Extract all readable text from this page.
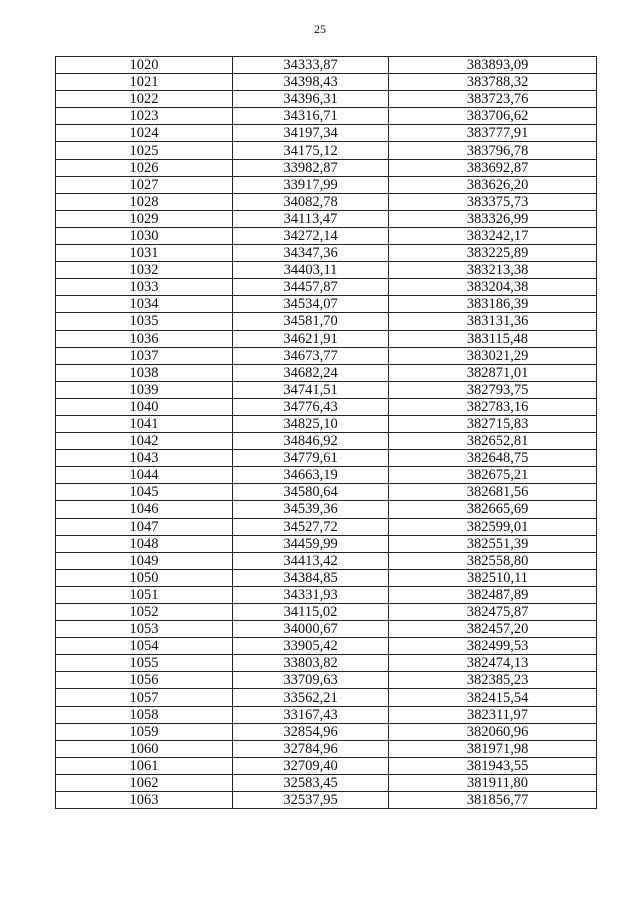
25
1020	34333,87	383893,09
1021	34398,43	383788,32
1022	34396,31	383723,76
1023	34316,71	383706,62
1024	34197,34	383777,91
1025	34175,12	383796,78
1026	33982,87	383692,87
1027	33917,99	383626,20
1028	34082,78	383375,73
1029	34113,47	383326,99
1030	34272,14	383242,17
1031	34347,36	383225,89
1032	34403,11	383213,38
1033	34457,87	383204,38
1034	34534,07	383186,39
1035	34581,70	383131,36
1036	34621,91	383115,48
1037	34673,77	383021,29
1038	34682,24	382871,01
1039	34741,51	382793,75
1040	34776,43	382783,16
1041	34825,10	382715,83
1042	34846,92	382652,81
1043	34779,61	382648,75
1044	34663,19	382675,21
1045	34580,64	382681,56
1046	34539,36	382665,69
1047	34527,72	382599,01
1048	34459,99	382551,39
1049	34413,42	382558,80
1050	34384,85	382510,11
1051	34331,93	382487,89
1052	34115,02	382475,87
1053	34000,67	382457,20
1054	33905,42	382499,53
1055	33803,82	382474,13
1056	33709,63	382385,23
1057	33562,21	382415,54
1058	33167,43	382311,97
1059	32854,96	382060,96
1060	32784,96	381971,98
1061	32709,40	381943,55
1062	32583,45	381911,80
1063	32537,95	381856,77
